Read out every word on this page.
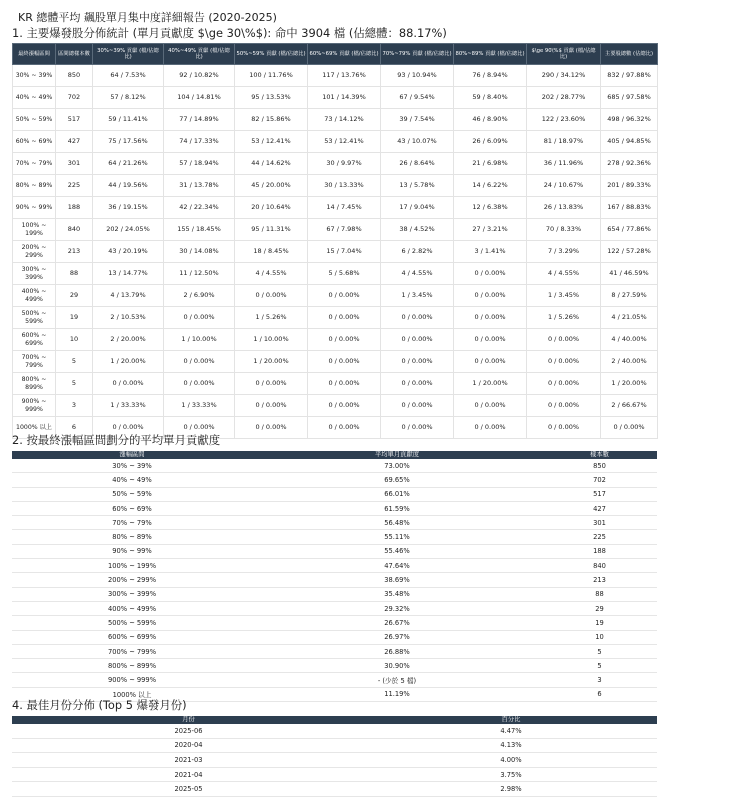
KR 總體平均 飆股單月集中度詳細報告 (2020-2025)
1. 主要爆發股分佈統計 (單月貢獻度 $\ge 30\%$): 命中 3904 檔 (佔總體：88.17%)
最終漲幅區間	區間總樣本數	30%~39% 貢獻 (檔/佔總比)	40%~49% 貢獻 (檔/佔總比)	50%~59% 貢獻 (檔/佔總比)	60%~69% 貢獻 (檔/佔總比)	70%~79% 貢獻 (檔/佔總比)	80%~89% 貢獻 (檔/佔總比)	$\ge 90\%$ 貢獻 (檔/佔總比)	主要股總數 (佔總比)
30% ~ 39%	850	64 / 7.53%	92 / 10.82%	100 / 11.76%	117 / 13.76%	93 / 10.94%	76 / 8.94%	290 / 34.12%	832 / 97.88%
40% ~ 49%	702	57 / 8.12%	104 / 14.81%	95 / 13.53%	101 / 14.39%	67 / 9.54%	59 / 8.40%	202 / 28.77%	685 / 97.58%
50% ~ 59%	517	59 / 11.41%	77 / 14.89%	82 / 15.86%	73 / 14.12%	39 / 7.54%	46 / 8.90%	122 / 23.60%	498 / 96.32%
60% ~ 69%	427	75 / 17.56%	74 / 17.33%	53 / 12.41%	53 / 12.41%	43 / 10.07%	26 / 6.09%	81 / 18.97%	405 / 94.85%
70% ~ 79%	301	64 / 21.26%	57 / 18.94%	44 / 14.62%	30 / 9.97%	26 / 8.64%	21 / 6.98%	36 / 11.96%	278 / 92.36%
80% ~ 89%	225	44 / 19.56%	31 / 13.78%	45 / 20.00%	30 / 13.33%	13 / 5.78%	14 / 6.22%	24 / 10.67%	201 / 89.33%
90% ~ 99%	188	36 / 19.15%	42 / 22.34%	20 / 10.64%	14 / 7.45%	17 / 9.04%	12 / 6.38%	26 / 13.83%	167 / 88.83%
100% ~ 199%	840	202 / 24.05%	155 / 18.45%	95 / 11.31%	67 / 7.98%	38 / 4.52%	27 / 3.21%	70 / 8.33%	654 / 77.86%
200% ~ 299%	213	43 / 20.19%	30 / 14.08%	18 / 8.45%	15 / 7.04%	6 / 2.82%	3 / 1.41%	7 / 3.29%	122 / 57.28%
300% ~ 399%	88	13 / 14.77%	11 / 12.50%	4 / 4.55%	5 / 5.68%	4 / 4.55%	0 / 0.00%	4 / 4.55%	41 / 46.59%
400% ~ 499%	29	4 / 13.79%	2 / 6.90%	0 / 0.00%	0 / 0.00%	1 / 3.45%	0 / 0.00%	1 / 3.45%	8 / 27.59%
500% ~ 599%	19	2 / 10.53%	0 / 0.00%	1 / 5.26%	0 / 0.00%	0 / 0.00%	0 / 0.00%	1 / 5.26%	4 / 21.05%
600% ~ 699%	10	2 / 20.00%	1 / 10.00%	1 / 10.00%	0 / 0.00%	0 / 0.00%	0 / 0.00%	0 / 0.00%	4 / 40.00%
700% ~ 799%	5	1 / 20.00%	0 / 0.00%	1 / 20.00%	0 / 0.00%	0 / 0.00%	0 / 0.00%	0 / 0.00%	2 / 40.00%
800% ~ 899%	5	0 / 0.00%	0 / 0.00%	0 / 0.00%	0 / 0.00%	0 / 0.00%	1 / 20.00%	0 / 0.00%	1 / 20.00%
900% ~ 999%	3	1 / 33.33%	1 / 33.33%	0 / 0.00%	0 / 0.00%	0 / 0.00%	0 / 0.00%	0 / 0.00%	2 / 66.67%
1000% 以上	6	0 / 0.00%	0 / 0.00%	0 / 0.00%	0 / 0.00%	0 / 0.00%	0 / 0.00%	0 / 0.00%	0 / 0.00%
2. 按最終漲幅區間劃分的平均單月貢獻度
漲幅區間	平均單月貢獻度	樣本數
30% ~ 39%	73.00%	850
40% ~ 49%	69.65%	702
50% ~ 59%	66.01%	517
60% ~ 69%	61.59%	427
70% ~ 79%	56.48%	301
80% ~ 89%	55.11%	225
90% ~ 99%	55.46%	188
100% ~ 199%	47.64%	840
200% ~ 299%	38.69%	213
300% ~ 399%	35.48%	88
400% ~ 499%	29.32%	29
500% ~ 599%	26.67%	19
600% ~ 699%	26.97%	10
700% ~ 799%	26.88%	5
800% ~ 899%	30.90%	5
900% ~ 999%	- (少於 5 檔)	3
1000% 以上	11.19%	6
4. 最佳月份分佈 (Top 5 爆發月份)
月份	百分比
2025-06	4.47%
2020-04	4.13%
2021-03	4.00%
2021-04	3.75%
2025-05	2.98%
